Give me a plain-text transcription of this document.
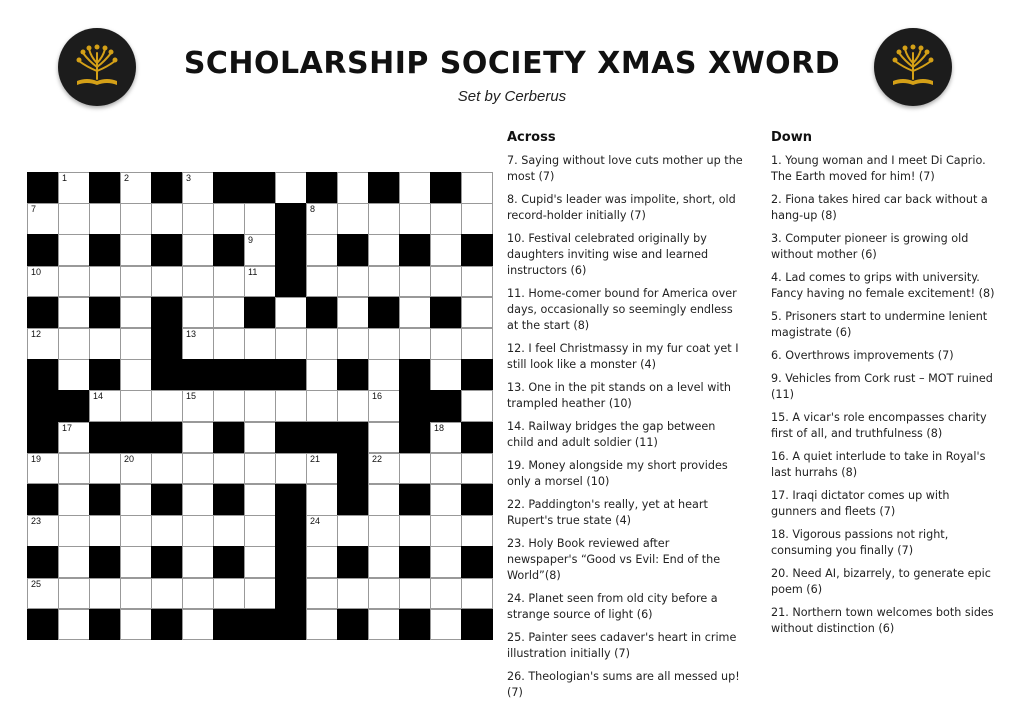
SCHOLARSHIP SOCIETY XMAS XWORD
Set by Cerberus
1	2	3
7	8
9
10	11
12	13
14	15	16
17	18
19	20	21	22
23	24
25
Across
7. Saying without love cuts mother up the most (7)
8. Cupid's leader was impolite, short, old record-holder initially (7)
10. Festival celebrated originally by daughters inviting wise and learned instructors (6)
11. Home-comer bound for America over days, occasionally so seemingly endless at the start (8)
12. I feel Christmassy in my fur coat yet I still look like a monster (4)
13. One in the pit stands on a level with trampled heather (10)
14. Railway bridges the gap between child and adult soldier (11)
19. Money alongside my short provides only a morsel (10)
22. Paddington's really, yet at heart Rupert's true state (4)
23. Holy Book reviewed after newspaper's “Good vs Evil: End of the World”(8)
24. Planet seen from old city before a strange source of light (6)
25. Painter sees cadaver's heart in crime illustration initially (7)
26. Theologian's sums are all messed up! (7)
Down
1. Young woman and I meet Di Caprio. The Earth moved for him! (7)
2. Fiona takes hired car back without a hang-up (8)
3. Computer pioneer is growing old without mother (6)
4. Lad comes to grips with university. Fancy having no female excitement! (8)
5. Prisoners start to undermine lenient magistrate (6)
6. Overthrows improvements (7)
9. Vehicles from Cork rust – MOT ruined (11)
15. A vicar's role encompasses charity first of all, and truthfulness (8)
16. A quiet interlude to take in Royal's last hurrahs (8)
17. Iraqi dictator comes up with gunners and fleets (7)
18. Vigorous passions not right, consuming you finally (7)
20. Need AI, bizarrely, to generate epic poem (6)
21. Northern town welcomes both sides without distinction (6)
